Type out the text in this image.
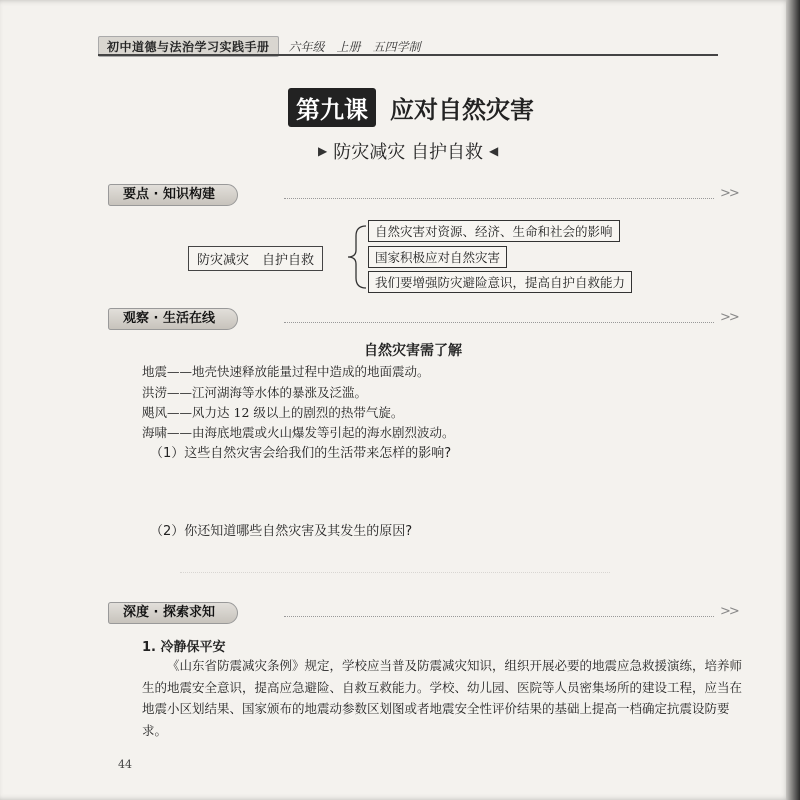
初中道德与法治学习实践手册	六年级　上册　五四学制
第九课 应对自然灾害
▶ 防灾减灾 自护自救 ◀
要点 · 知识构建	>>
防灾减灾　自护自救
自然灾害对资源、经济、生命和社会的影响
国家积极应对自然灾害
我们要增强防灾避险意识，提高自护自救能力
观察 · 生活在线	>>
自然灾害需了解
地震——地壳快速释放能量过程中造成的地面震动。
洪涝——江河湖海等水体的暴涨及泛滥。
飓风——风力达 12 级以上的剧烈的热带气旋。
海啸——由海底地震或火山爆发等引起的海水剧烈波动。
（1）这些自然灾害会给我们的生活带来怎样的影响?
（2）你还知道哪些自然灾害及其发生的原因?
深度 · 探索求知	>>
1. 冷静保平安
《山东省防震减灾条例》规定，学校应当普及防震减灾知识，组织开展必要的地震应急救援演练，培养师生的地震安全意识，提高应急避险、自救互救能力。学校、幼儿园、医院等人员密集场所的建设工程，应当在地震小区划结果、国家颁布的地震动参数区划图或者地震安全性评价结果的基础上提高一档确定抗震设防要求。
44
